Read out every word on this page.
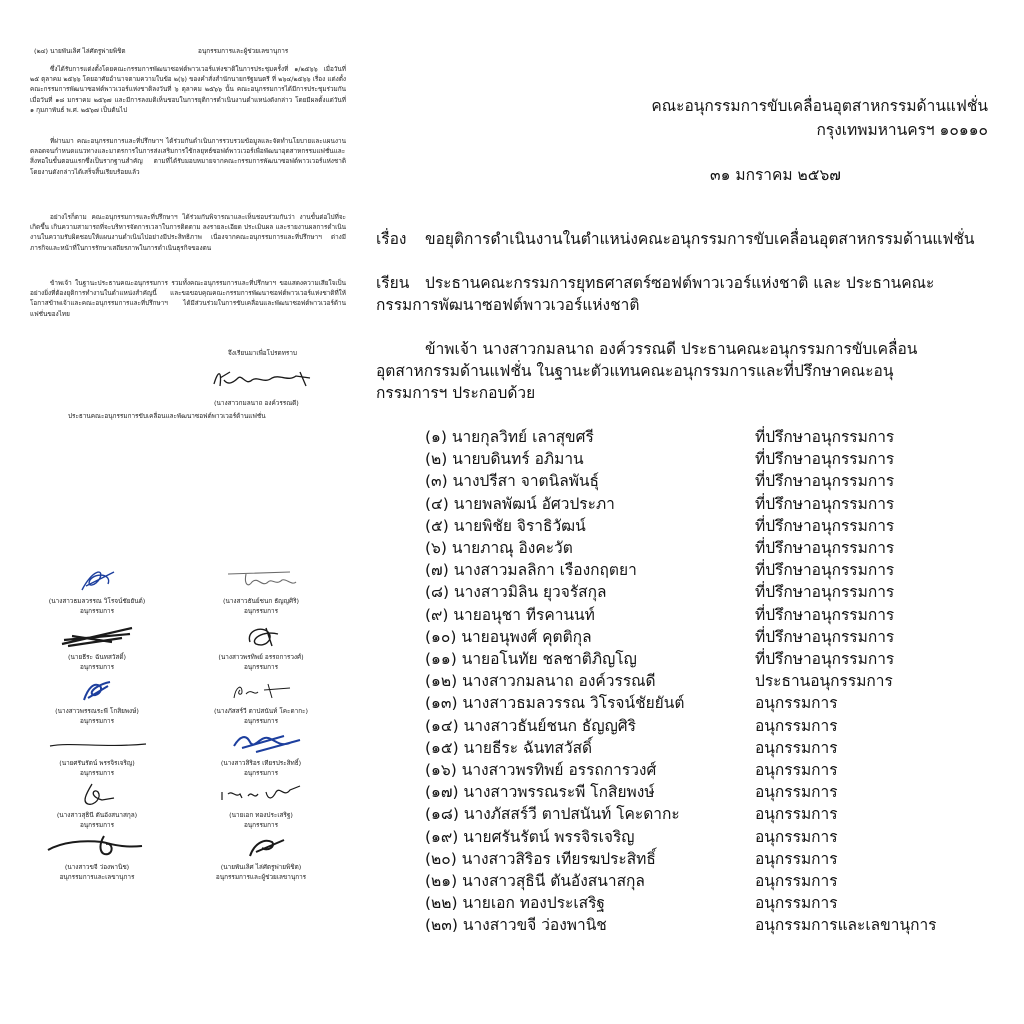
(๒๔) นายพันเลิศ ไล่ศัตรูพ่ายพิชิต	อนุกรรมการและผู้ช่วยเลขานุการ

ซึ่งได้รับการแต่งตั้งโดยคณะกรรมการพัฒนาซอฟต์พาวเวอร์แห่งชาติในการประชุมครั้งที่ ๑/๒๕๖๖ เมื่อวันที่ ๒๕ ตุลาคม ๒๕๖๖ โดยอาศัยอำนาจตามความในข้อ ๒(๖) ของคำสั่งสำนักนายกรัฐมนตรี ที่ ๒๖๔/๒๕๖๖ เรื่อง แต่งตั้งคณะกรรมการพัฒนาซอฟต์พาวเวอร์แห่งชาติลงวันที่ ๖ ตุลาคม ๒๕๖๖ นั้น คณะอนุกรรมการได้มีการประชุมร่วมกันเมื่อวันที่ ๑๘ มกราคม ๒๕๖๗ และมีการลงมติเห็นชอบในการยุติการดำเนินงานตำแหน่งดังกล่าว โดยมีผลตั้งแต่วันที่ ๑ กุมภาพันธ์ พ.ศ. ๒๕๖๗ เป็นต้นไป

ที่ผ่านมา คณะอนุกรรมการและที่ปรึกษาฯ ได้ร่วมกันดำเนินการรวบรวมข้อมูลและจัดทำนโยบายและแผนงาน ตลอดจนกำหนดแนวทางและมาตรการในการส่งเสริมการใช้กลยุทธ์ซอฟต์พาวเวอร์เพื่อพัฒนาอุตสาหกรรมแฟชั่นและสิ่งทอในขั้นตอนแรกซึ่งเป็นรากฐานสำคัญ ตามที่ได้รับมอบหมายจากคณะกรรมการพัฒนาซอฟต์พาวเวอร์แห่งชาติ โดยงานดังกล่าวได้เสร็จสิ้นเรียบร้อยแล้ว

อย่างไรก็ตาม คณะอนุกรรมการและที่ปรึกษาฯ ได้ร่วมกันพิจารณาและเห็นชอบร่วมกันว่า งานขั้นต่อไปที่จะเกิดขึ้น เกินความสามารถที่จะบริหารจัดการเวลาในการติดตาม ลงรายละเอียด ประเมินผล และรายงานผลการดำเนินงานในความรับผิดชอบให้แผนงานดำเนินไปอย่างมีประสิทธิภาพ เนื่องจากคณะอนุกรรมการและที่ปรึกษาฯ ต่างมีภารกิจและหน้าที่ในการรักษาเสถียรภาพในการดำเนินธุรกิจของตน

ข้าพเจ้า ในฐานะประธานคณะอนุกรรมการ รวมทั้งคณะอนุกรรมการและที่ปรึกษาฯ ขอแสดงความเสียใจเป็นอย่างยิ่งที่ต้องยุติการทำงานในตำแหน่งสำคัญนี้ และขอขอบคุณคณะกรรมการพัฒนาซอฟต์พาวเวอร์แห่งชาติที่ให้โอกาสข้าพเจ้าและคณะอนุกรรมการและที่ปรึกษาฯ ได้มีส่วนร่วมในการขับเคลื่อนและพัฒนาซอฟต์พาวเวอร์ด้านแฟชั่นของไทย

จึงเรียนมาเพื่อโปรดทราบ
(นางสาวกมลนาถ องค์วรรณดี)
ประธานคณะอนุกรรมการขับเคลื่อนและพัฒนาซอฟต์พาวเวอร์ด้านแฟชั่น
(นางสาวธมลวรรณ วิโรจน์ชัยยันต์)
อนุกรรมการ
(นางสาวธันย์ชนก ธัญญศิริ)
อนุกรรมการ
(นายธีระ ฉันทสวัสดิ์)
อนุกรรมการ
(นางสาวพรทิพย์ อรรถการวงศ์)
อนุกรรมการ
(นางสาวพรรณระพี โกสิยพงษ์)
อนุกรรมการ
(นางภัสสร์วี ตาปสนันท์ โคะดากะ)
อนุกรรมการ
(นายศรันรัตน์ พรรจิรเจริญ)
อนุกรรมการ
(นางสาวสิริอร เทียรประสิทธิ์)
อนุกรรมการ
(นางสาวสุธินี ตันอังสนาสกุล)
อนุกรรมการ
(นายเอก ทองประเสริฐ)
อนุกรรมการ
(นางสาวขจี ว่องพานิช)
อนุกรรมการและเลขานุการ
(นายพันเลิศ ไล่ศัตรูพ่ายพิชิต)
อนุกรรมการและผู้ช่วยเลขานุการ
คณะอนุกรรมการขับเคลื่อนอุตสาหกรรมด้านแฟชั่น
กรุงเทพมหานครฯ ๑๐๑๑๐
๓๑ มกราคม ๒๕๖๗
เรื่อง ขอยุติการดำเนินงานในตำแหน่งคณะอนุกรรมการขับเคลื่อนอุตสาหกรรมด้านแฟชั่น
เรียน ประธานคณะกรรมการยุทธศาสตร์ซอฟต์พาวเวอร์แห่งชาติ และ ประธานคณะ
กรรมการพัฒนาซอฟต์พาวเวอร์แห่งชาติ
ข้าพเจ้า นางสาวกมลนาถ องค์วรรณดี ประธานคณะอนุกรรมการขับเคลื่อน
อุตสาหกรรมด้านแฟชั่น ในฐานะตัวแทนคณะอนุกรรมการและที่ปรึกษาคณะอนุ
กรรมการฯ ประกอบด้วย
(๑) นายกุลวิทย์ เลาสุขศรี	ที่ปรึกษาอนุกรรมการ
(๒) นายบดินทร์ อภิมาน	ที่ปรึกษาอนุกรรมการ
(๓) นางปรีสา จาตนิลพันธุ์	ที่ปรึกษาอนุกรรมการ
(๔) นายพลพัฒน์ อัศวประภา	ที่ปรึกษาอนุกรรมการ
(๕) นายพิชัย จิราธิวัฒน์	ที่ปรึกษาอนุกรรมการ
(๖) นายภาณุ อิงคะวัต	ที่ปรึกษาอนุกรรมการ
(๗) นางสาวมลลิกา เรืองกฤตยา	ที่ปรึกษาอนุกรรมการ
(๘) นางสาวมิลิน ยุวจรัสกุล	ที่ปรึกษาอนุกรรมการ
(๙) นายอนุชา ทีรคานนท์	ที่ปรึกษาอนุกรรมการ
(๑๐) นายอนุพงศ์ คุตติกุล	ที่ปรึกษาอนุกรรมการ
(๑๑) นายอโนทัย ชลชาติภิญโญ	ที่ปรึกษาอนุกรรมการ
(๑๒) นางสาวกมลนาถ องค์วรรณดี	ประธานอนุกรรมการ
(๑๓) นางสาวธมลวรรณ วิโรจน์ชัยยันต์	อนุกรรมการ
(๑๔) นางสาวธันย์ชนก ธัญญศิริ	อนุกรรมการ
(๑๕) นายธีระ ฉันทสวัสดิ์	อนุกรรมการ
(๑๖) นางสาวพรทิพย์ อรรถการวงศ์	อนุกรรมการ
(๑๗) นางสาวพรรณระพี โกสิยพงษ์	อนุกรรมการ
(๑๘) นางภัสสร์วี ตาปสนันท์ โคะดากะ	อนุกรรมการ
(๑๙) นายศรันรัตน์ พรรจิรเจริญ	อนุกรรมการ
(๒๐) นางสาวสิริอร เทียรฆประสิทธิ์	อนุกรรมการ
(๒๑) นางสาวสุธินี ตันอังสนาสกุล	อนุกรรมการ
(๒๒) นายเอก ทองประเสริฐ	อนุกรรมการ
(๒๓) นางสาวขจี ว่องพานิช	อนุกรรมการและเลขานุการ
